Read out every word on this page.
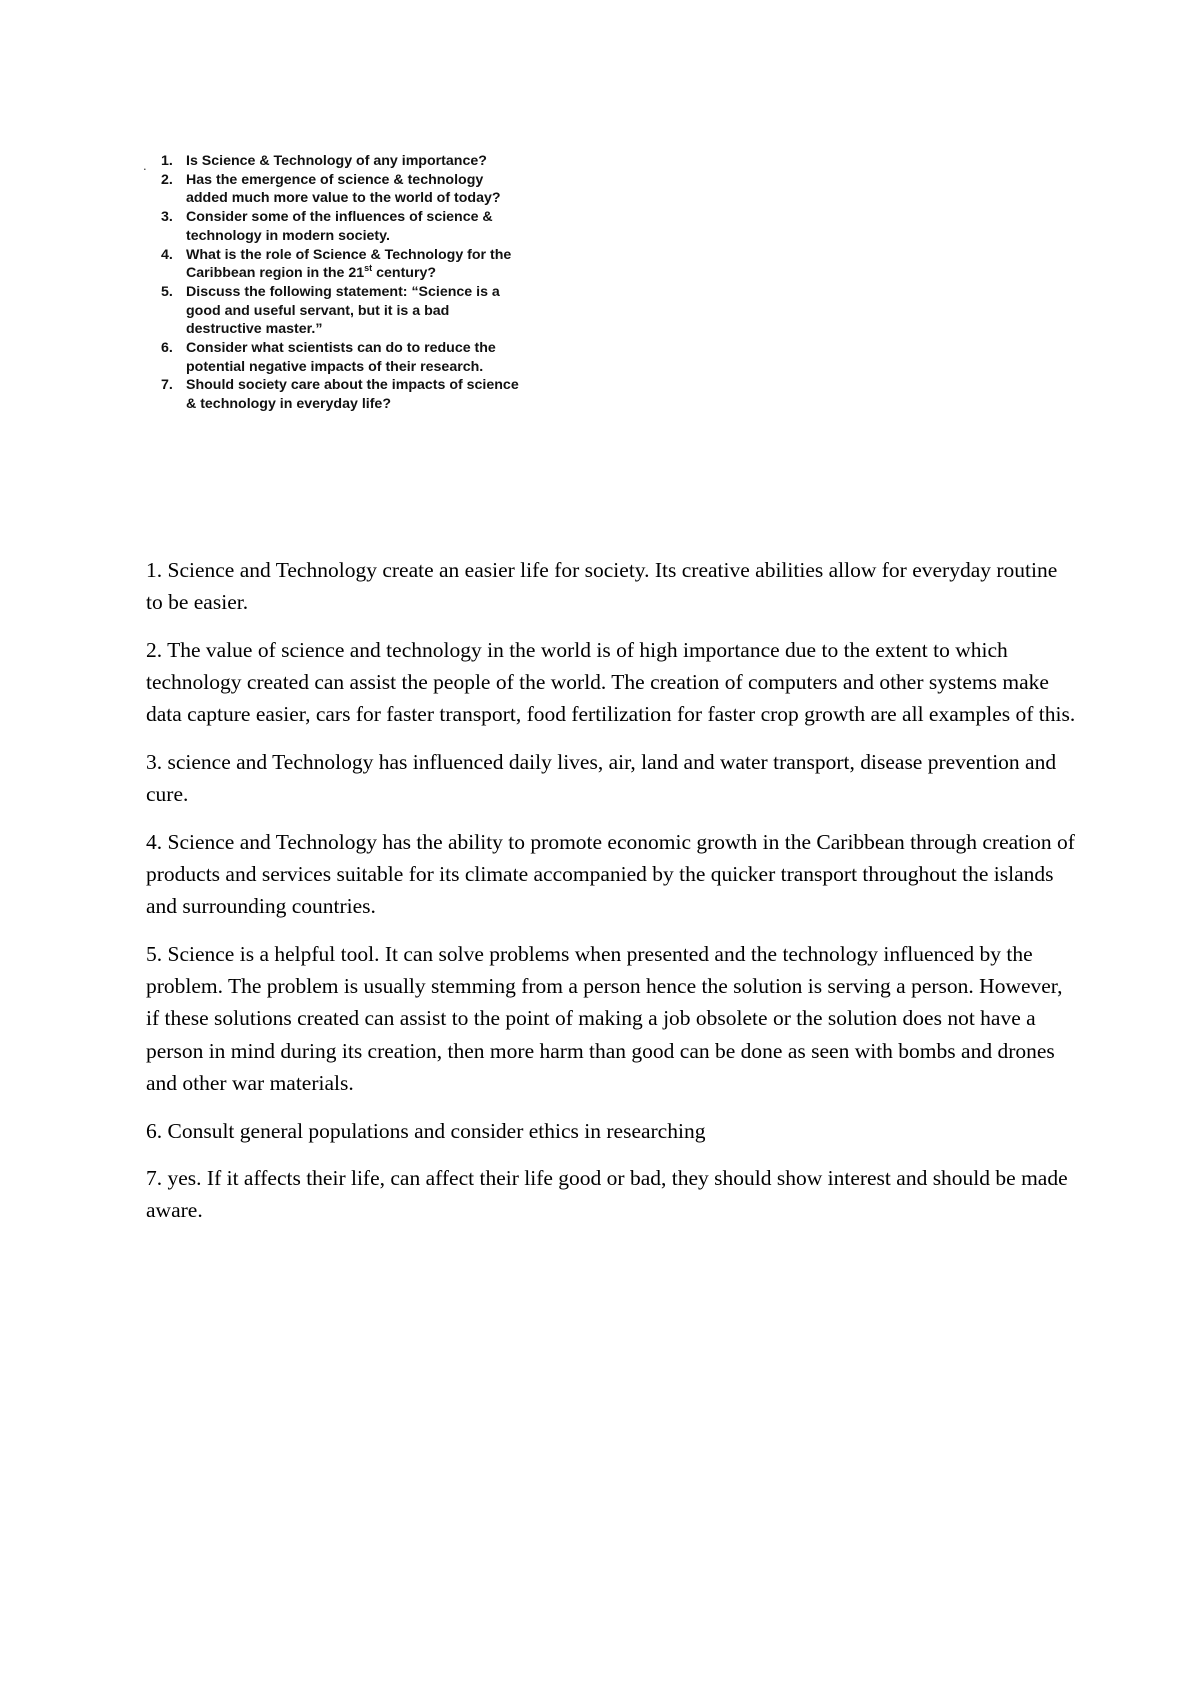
. 1. Is Science & Technology of any importance?
2. Has the emergence of science & technology added much more value to the world of today?
3. Consider some of the influences of science & technology in modern society.
4. What is the role of Science & Technology for the Caribbean region in the 21st century?
5. Discuss the following statement: “Science is a good and useful servant, but it is a bad destructive master.”
6. Consider what scientists can do to reduce the potential negative impacts of their research.
7. Should society care about the impacts of science & technology in everyday life?

1. Science and Technology create an easier life for society. Its creative abilities allow for everyday routine to be easier.

2. The value of science and technology in the world is of high importance due to the extent to which technology created can assist the people of the world. The creation of computers and other systems make data capture easier, cars for faster transport, food fertilization for faster crop growth are all examples of this.

3. science and Technology has influenced daily lives, air, land and water transport, disease prevention and cure.

4. Science and Technology has the ability to promote economic growth in the Caribbean through creation of products and services suitable for its climate accompanied by the quicker transport throughout the islands and surrounding countries.

5. Science is a helpful tool. It can solve problems when presented and the technology influenced by the problem. The problem is usually stemming from a person hence the solution is serving a person. However, if these solutions created can assist to the point of making a job obsolete or the solution does not have a person in mind during its creation, then more harm than good can be done as seen with bombs and drones and other war materials.

6. Consult general populations and consider ethics in researching

7. yes. If it affects their life, can affect their life good or bad, they should show interest and should be made aware.
